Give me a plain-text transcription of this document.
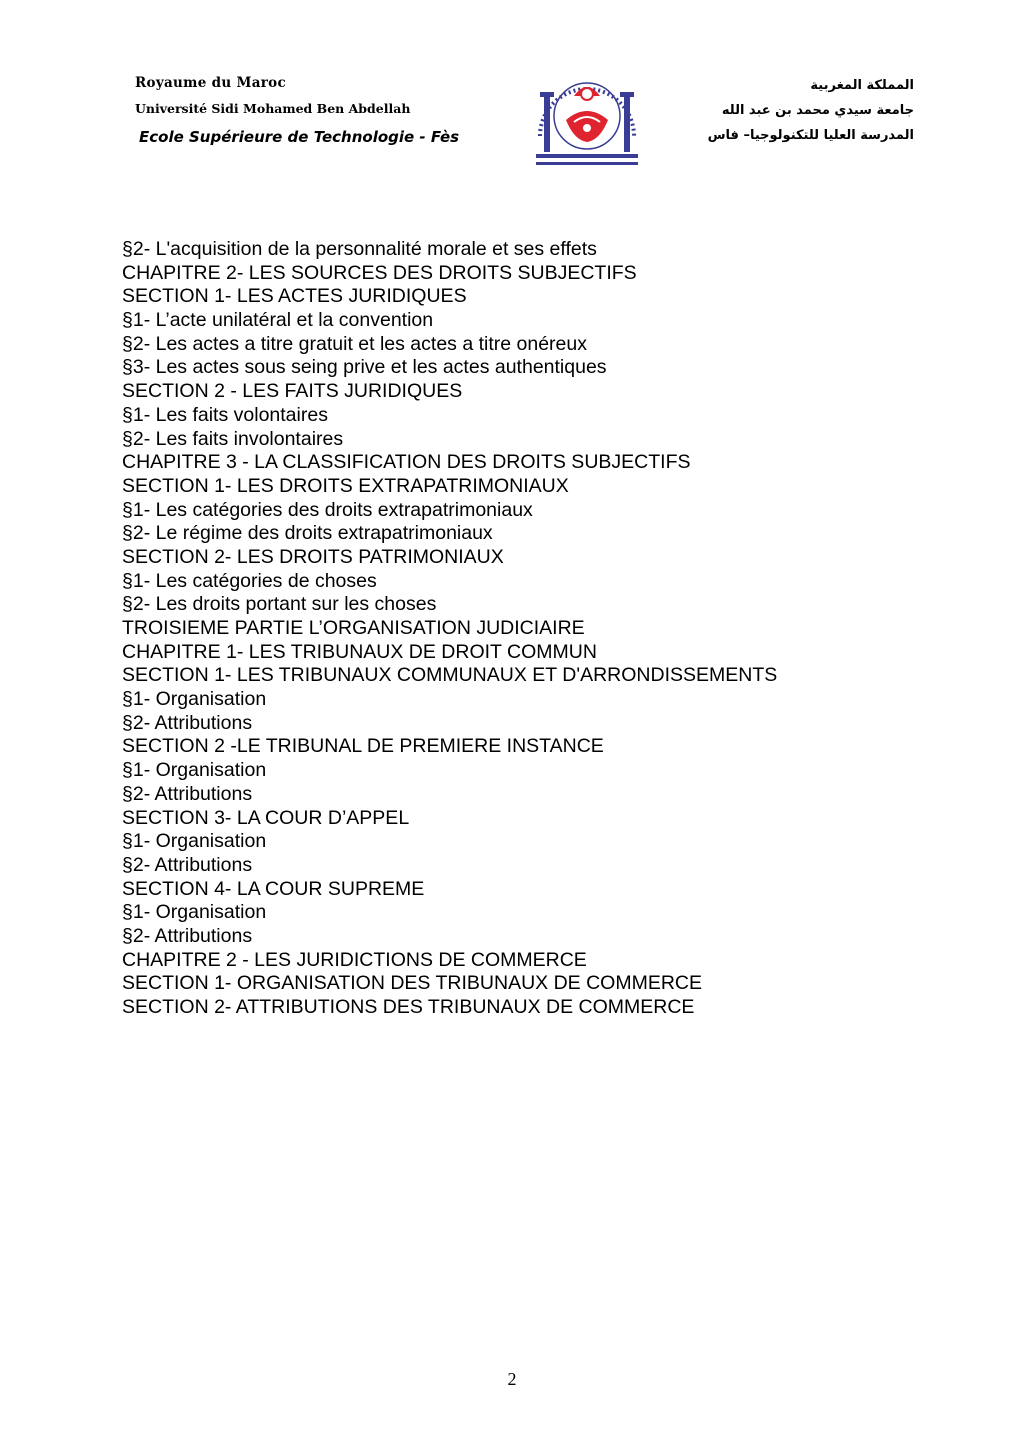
Royaume du Maroc
Université Sidi Mohamed Ben Abdellah
Ecole Supérieure de Technologie - Fès
المملكة المغربية
جامعة سيدي محمد بن عبد الله
المدرسة العليا للتكنولوجيا– فاس
§2- L'acquisition de la personnalité morale et ses effets
CHAPITRE 2- LES SOURCES DES DROITS SUBJECTIFS
SECTION 1- LES ACTES JURIDIQUES
§1- L’acte unilatéral et la convention
§2- Les actes a titre gratuit et les actes a titre onéreux
§3- Les actes sous seing prive et les actes authentiques
SECTION 2 - LES FAITS JURIDIQUES
§1- Les faits volontaires
§2- Les faits involontaires
CHAPITRE 3 - LA CLASSIFICATION DES DROITS SUBJECTIFS
SECTION 1- LES DROITS EXTRAPATRIMONIAUX
§1- Les catégories des droits extrapatrimoniaux
§2- Le régime des droits extrapatrimoniaux
SECTION 2- LES DROITS PATRIMONIAUX
§1- Les catégories de choses
§2- Les droits portant sur les choses
TROISIEME PARTIE L’ORGANISATION JUDICIAIRE
CHAPITRE 1- LES TRIBUNAUX DE DROIT COMMUN
SECTION 1- LES TRIBUNAUX COMMUNAUX ET D'ARRONDISSEMENTS
§1- Organisation
§2- Attributions
SECTION 2 -LE TRIBUNAL DE PREMIERE INSTANCE
§1- Organisation
§2- Attributions
SECTION 3- LA COUR D’APPEL
§1- Organisation
§2- Attributions
SECTION 4- LA COUR SUPREME
§1- Organisation
§2- Attributions
CHAPITRE 2 - LES JURIDICTIONS DE COMMERCE
SECTION 1- ORGANISATION DES TRIBUNAUX DE COMMERCE
SECTION 2- ATTRIBUTIONS DES TRIBUNAUX DE COMMERCE
2
